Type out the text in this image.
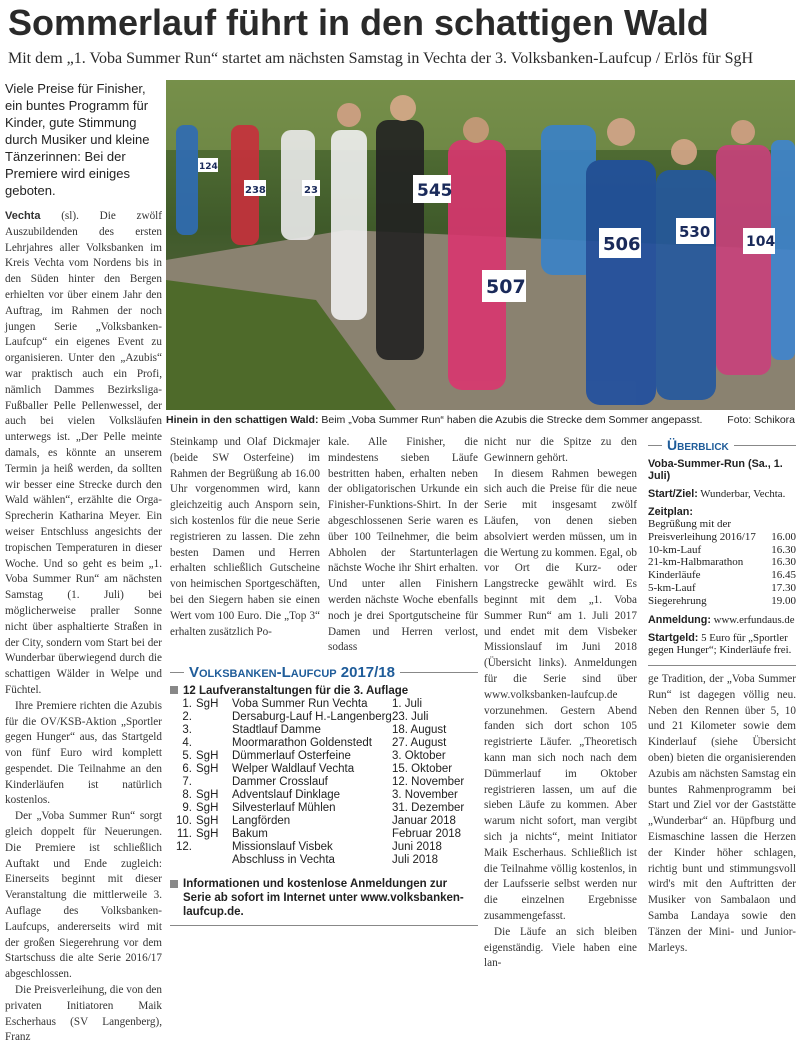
Sommerlauf führt in den schattigen Wald
Mit dem „1. Voba Summer Run“ startet am nächsten Samstag in Vechta der 3. Volksbanken-Laufcup / Erlös für SgH
Viele Preise für Finisher, ein buntes Programm für Kinder, gute Stimmung durch Musiker und kleine Tänzerinnen: Bei der Premiere wird einiges geboten.

Vechta (sl). Die zwölf Auszubildenden des ersten Lehrjahres aller Volksbanken im Kreis Vechta vom Nordens bis in den Süden hinter den Bergen erhielten vor über einem Jahr den Auftrag, im Rahmen der noch jungen Serie „Volksbanken-Laufcup“ ein eigenes Event zu organisieren. Unter den „Azubis“ war praktisch auch ein Profi, nämlich Dammes Bezirksliga-Fußballer Pelle Pellenwessel, der auch bei vielen Volksläufen unterwegs ist. „Der Pelle meinte damals, es könnte an unserem Termin ja heiß werden, da sollten wir besser eine Strecke durch den Wald wählen“, erzählte die Orga-Sprecherin Katharina Meyer. Ein weiser Entschluss angesichts der tropischen Temperaturen in dieser Woche. Und so geht es beim „1. Voba Summer Run“ am nächsten Samstag (1. Juli) bei möglicherweise praller Sonne nicht über asphaltierte Straßen in der City, sondern vom Start bei der Wunderbar überwiegend durch die schattigen Wälder in Welpe und Füchtel.

Ihre Premiere richten die Azubis für die OV/KSB-Aktion „Sportler gegen Hunger“ aus, das Startgeld von fünf Euro wird komplett gespendet. Die Teilnahme an den Kinderläufen ist natürlich kostenlos.

Der „Voba Summer Run“ sorgt gleich doppelt für Neuerungen. Die Premiere ist schließlich Auftakt und Ende zugleich: Einerseits beginnt mit dieser Veranstaltung die mittlerweile 3. Auflage des Volksbanken-Laufcups, andererseits wird mit der großen Siegerehrung vor dem Startschuss die alte Serie 2016/17 abgeschlossen.

Die Preisverleihung, die von den privaten Initiatoren Maik Escherhaus (SV Langenberg), Franz

545
506
507
530
104
238
124
23
Hinein in den schattigen Wald: Beim „Voba Summer Run“ haben die Azubis die Strecke dem Sommer angepasst. Foto: Schikora

Steinkamp und Olaf Dickmajer (beide SW Osterfeine) im Rahmen der Begrüßung ab 16.00 Uhr vorgenommen wird, kann gleichzeitig auch Ansporn sein, sich kostenlos für die neue Serie registrieren zu lassen. Die zehn besten Damen und Herren erhalten schließlich Gutscheine von heimischen Sportgeschäften, bei den Siegern haben sie einen Wert vom 100 Euro. Die „Top 3“ erhalten zusätzlich Po-

kale. Alle Finisher, die mindestens sieben Läufe bestritten haben, erhalten neben der obligatorischen Urkunde ein Finisher-Funktions-Shirt. In der abgeschlossenen Serie waren es über 100 Teilnehmer, die beim Abholen der Startunterlagen nächste Woche ihr Shirt erhalten. Und unter allen Finishern werden nächste Woche ebenfalls noch je drei Sportgutscheine für Damen und Herren verlost, sodass

Volksbanken-Laufcup 2017/18
12 Laufveranstaltungen für die 3. Auflage
1. SgH	Voba Summer Run Vechta	1. Juli
2.	Dersaburg-Lauf H.-Langenberg 23. Juli
3.	Stadtlauf Damme	18. August
4.	Moormarathon Goldenstedt	27. August
5. SgH	Dümmerlauf Osterfeine	3. Oktober
6. SgH	Welper Waldlauf Vechta	15. Oktober
7.	Dammer Crosslauf	12. November
8. SgH	Adventslauf Dinklage	3. November
9. SgH	Silvesterlauf Mühlen	31. Dezember
10. SgH	Langförden	Januar 2018
11. SgH	Bakum	Februar 2018
12.	Missionslauf Visbek	Juni 2018
Abschluss in Vechta	Juli 2018
Informationen und kostenlose Anmeldungen zur Serie ab sofort im Internet unter www.volksbanken-laufcup.de.

nicht nur die Spitze zu den Gewinnern gehört.

In diesem Rahmen bewegen sich auch die Preise für die neue Serie mit insgesamt zwölf Läufen, von denen sieben absolviert werden müssen, um in die Wertung zu kommen. Egal, ob vor Ort die Kurz- oder Langstrecke gewählt wird. Es beginnt mit dem „1. Voba Summer Run“ am 1. Juli 2017 und endet mit dem Visbeker Missionslauf im Juni 2018 (Übersicht links). Anmeldungen für die Serie sind über www.volksbanken-laufcup.de vorzunehmen. Gestern Abend fanden sich dort schon 105 registrierte Läufer. „Theoretisch kann man sich noch nach dem Dümmerlauf im Oktober registrieren lassen, um auf die sieben Läufe zu kommen. Aber warum nicht sofort, man vergibt sich ja nichts“, meint Initiator Maik Escherhaus. Schließlich ist die Teilnahme völlig kostenlos, in der Laufsserie selbst werden nur die einzelnen Ergebnisse zusammengefasst.

Die Läufe an sich bleiben eigenständig. Viele haben eine lan-

Überblick
Voba-Summer-Run (Sa., 1. Juli)
Start/Ziel: Wunderbar, Vechta.
Zeitplan:
Begrüßung mit der
Preisverleihung 2016/17 16.00
10-km-Lauf	16.30
21-km-Halbmarathon	16.30
Kinderläufe	16.45
5-km-Lauf	17.30
Siegerehrung	19.00
Anmeldung: www.erfundaus.de
Startgeld: 5 Euro für „Sportler gegen Hunger“; Kinderläufe frei.

ge Tradition, der „Voba Summer Run“ ist dagegen völlig neu. Neben den Rennen über 5, 10 und 21 Kilometer sowie dem Kinderlauf (siehe Übersicht oben) bieten die organisierenden Azubis am nächsten Samstag ein buntes Rahmenprogramm bei Start und Ziel vor der Gaststätte „Wunderbar“ an. Hüpfburg und Eismaschine lassen die Herzen der Kinder höher schlagen, richtig bunt und stimmungsvoll wird's mit den Auftritten der Musiker von Sambalaon und Samba Landaya sowie den Tänzen der Mini- und Junior-Marleys.
